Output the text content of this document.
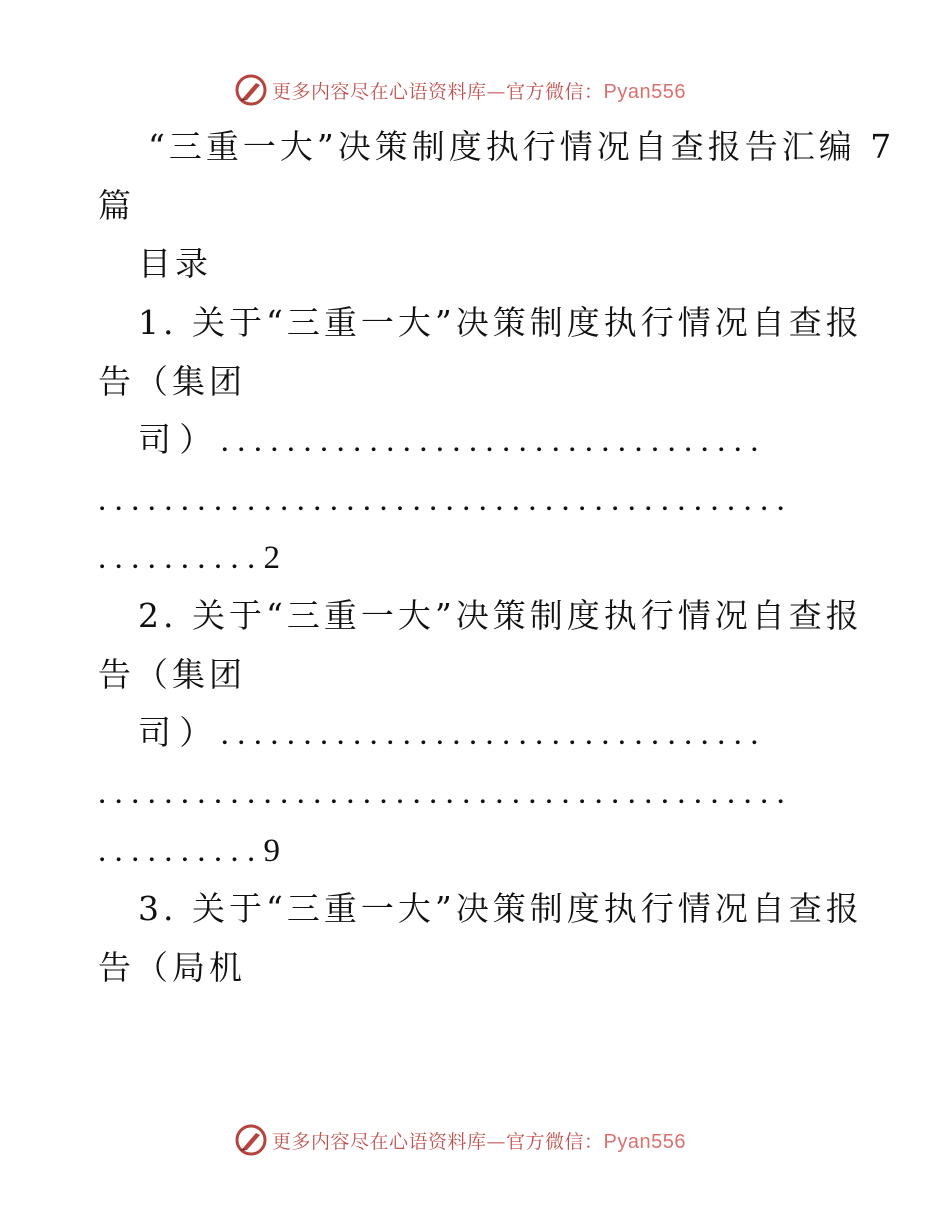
更多内容尽在心语资料库—官方微信：Pyan556
“三重一大”决策制度执行情况自查报告汇编 7
篇
目录
1. 关于“三重一大”决策制度执行情况自查报
告（集团
司）.................................
..........................................
..........2
2. 关于“三重一大”决策制度执行情况自查报
告（集团
司）.................................
..........................................
..........9
3. 关于“三重一大”决策制度执行情况自查报
告（局机
更多内容尽在心语资料库—官方微信：Pyan556
